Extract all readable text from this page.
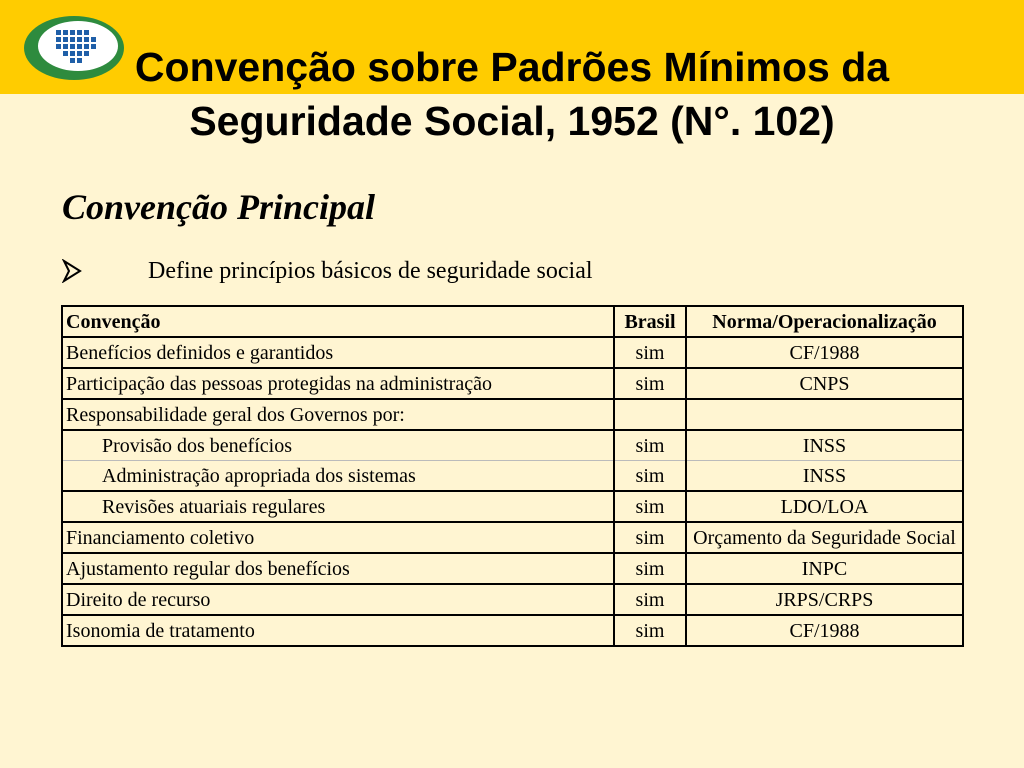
Convenção sobre Padrões Mínimos da
Seguridade Social, 1952 (N°. 102)
Convenção Principal
Define princípios básicos de seguridade social
Convenção	Brasil	Norma/Operacionalização
Benefícios definidos e garantidos	sim	CF/1988
Participação das pessoas protegidas na administração	sim	CNPS
Responsabilidade geral dos Governos por:		
Provisão dos benefícios	sim	INSS
Administração apropriada dos sistemas	sim	INSS
Revisões atuariais regulares	sim	LDO/LOA
Financiamento coletivo	sim	Orçamento da Seguridade Social
Ajustamento regular dos benefícios	sim	INPC
Direito de recurso	sim	JRPS/CRPS
Isonomia de tratamento	sim	CF/1988
